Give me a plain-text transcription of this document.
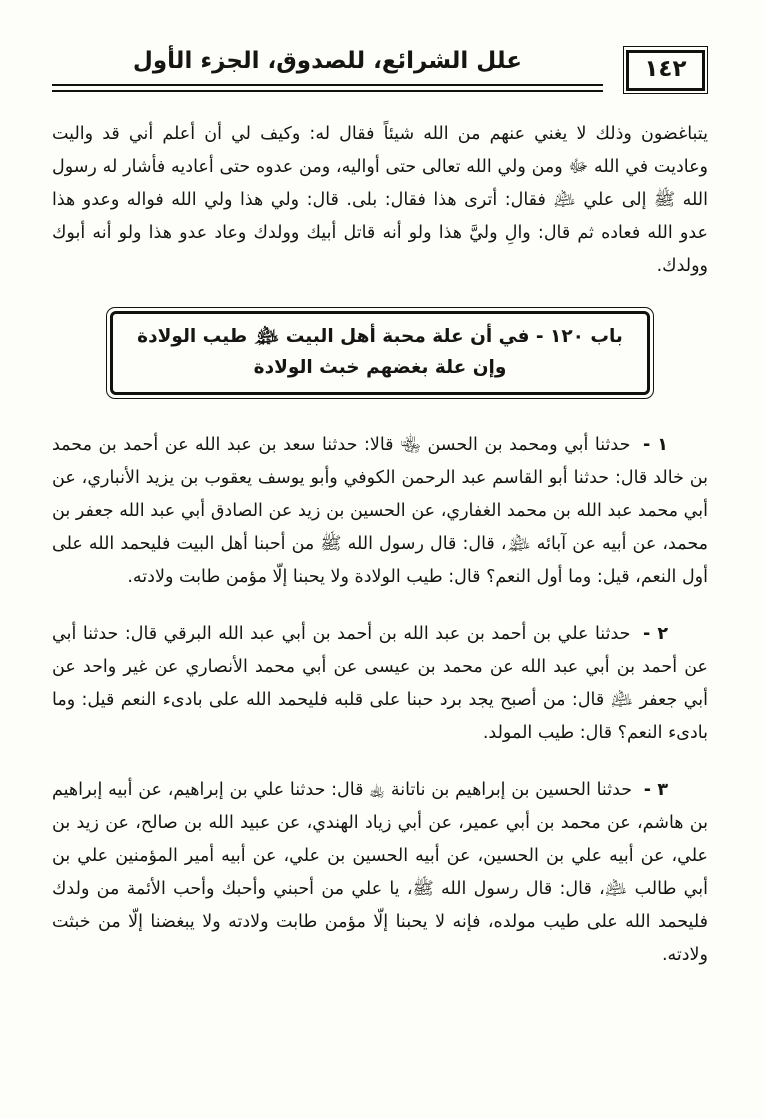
١٤٢
علل الشرائع، للصدوق، الجزء الأول

يتباغضون وذلك لا يغني عنهم من الله شيئاً فقال له: وكيف لي أن أعلم أني قد واليت وعاديت في الله ﷻ ومن ولي الله تعالى حتى أواليه، ومن عدوه حتى أعاديه فأشار له رسول الله ﷺ إلى علي ﵇ فقال: أترى هذا فقال: بلى. قال: ولي هذا ولي الله فواله وعدو هذا عدو الله فعاده ثم قال: والِ وليَّ هذا ولو أنه قاتل أبيك وولدك وعاد عدو هذا ولو أنه أبوك وولدك.

باب ١٢٠ - في أن علة محبة أهل البيت ﵈ طيب الولادة
وإن علة بغضهم خبث الولادة

١ - حدثنا أبي ومحمد بن الحسن ﵄ قالا: حدثنا سعد بن عبد الله عن أحمد بن محمد بن خالد قال: حدثنا أبو القاسم عبد الرحمن الكوفي وأبو يوسف يعقوب بن يزيد الأنباري، عن أبي محمد عبد الله بن محمد الغفاري، عن الحسين بن زيد عن الصادق أبي عبد الله جعفر بن محمد، عن أبيه عن آبائه ﵈، قال: قال رسول الله ﷺ من أحبنا أهل البيت فليحمد الله على أول النعم، قيل: وما أول النعم؟ قال: طيب الولادة ولا يحبنا إلّا مؤمن طابت ولادته.

٢ - حدثنا علي بن أحمد بن عبد الله بن أحمد بن أبي عبد الله البرقي قال: حدثنا أبي عن أحمد بن أبي عبد الله عن محمد بن عيسى عن أبي محمد الأنصاري عن غير واحد عن أبي جعفر ﵇ قال: من أصبح يجد برد حبنا على قلبه فليحمد الله على بادىء النعم قيل: وما بادىء النعم؟ قال: طيب المولد.

٣ - حدثنا الحسين بن إبراهيم بن ناتانة ﵀ قال: حدثنا علي بن إبراهيم، عن أبيه إبراهيم بن هاشم، عن محمد بن أبي عمير، عن أبي زياد الهندي، عن عبيد الله بن صالح، عن زيد بن علي، عن أبيه علي بن الحسين، عن أبيه الحسين بن علي، عن أبيه أمير المؤمنين علي بن أبي طالب ﵇، قال: قال رسول الله ﷺ، يا علي من أحبني وأحبك وأحب الأئمة من ولدك فليحمد الله على طيب مولده، فإنه لا يحبنا إلّا مؤمن طابت ولادته ولا يبغضنا إلّا من خبثت ولادته.
